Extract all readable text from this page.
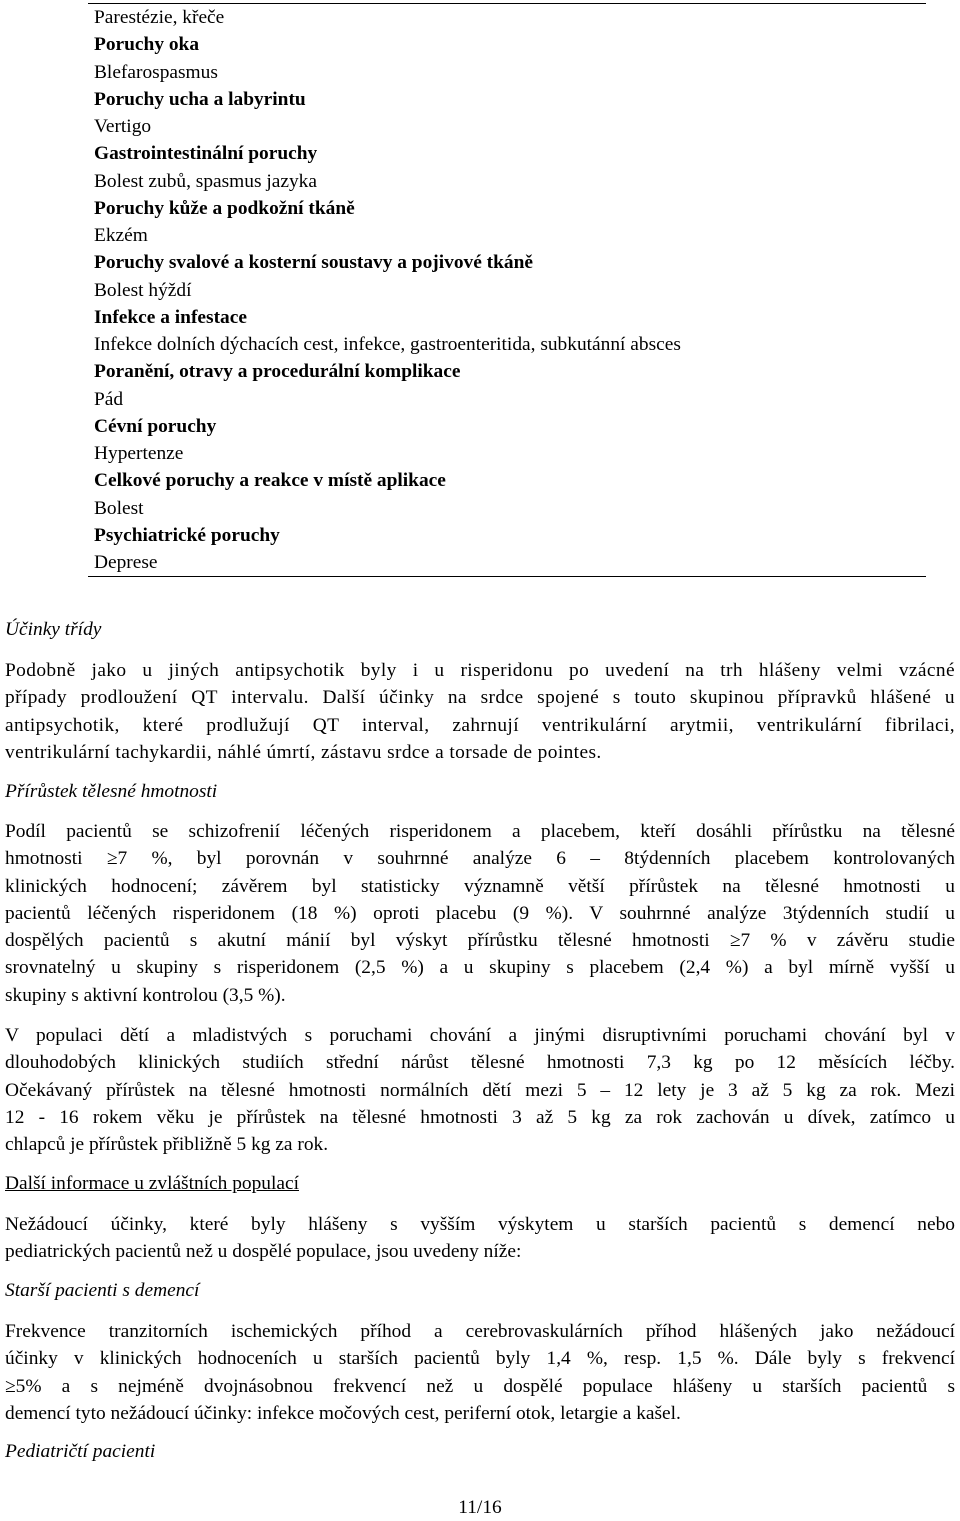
Parestézie, křeče
Poruchy oka
Blefarospasmus
Poruchy ucha a labyrintu
Vertigo
Gastrointestinální poruchy
Bolest zubů, spasmus jazyka
Poruchy kůže a podkožní tkáně
Ekzém
Poruchy svalové a kosterní soustavy a pojivové tkáně
Bolest hýždí
Infekce a infestace
Infekce dolních dýchacích cest, infekce, gastroenteritida, subkutánní absces
Poranění, otravy a procedurální komplikace
Pád
Cévní poruchy
Hypertenze
Celkové poruchy a reakce v místě aplikace
Bolest
Psychiatrické poruchy
Deprese
Účinky třídy
Podobně jako u jiných antipsychotik byly i u risperidonu po uvedení na trh hlášeny velmi vzácné
případy prodloužení QT intervalu. Další účinky na srdce spojené s touto skupinou přípravků hlášené u
antipsychotik, které prodlužují QT interval, zahrnují ventrikulární arytmii, ventrikulární fibrilaci,
ventrikulární tachykardii, náhlé úmrtí, zástavu srdce a torsade de pointes.
Přírůstek tělesné hmotnosti
Podíl pacientů se schizofrenií léčených risperidonem a placebem, kteří dosáhli přírůstku na tělesné
hmotnosti ≥7 %, byl porovnán v souhrnné analýze 6 – 8týdenních placebem kontrolovaných
klinických hodnocení; závěrem byl statisticky významně větší přírůstek na tělesné hmotnosti u
pacientů léčených risperidonem (18 %) oproti placebu (9 %). V souhrnné analýze 3týdenních studií u
dospělých pacientů s akutní mánií byl výskyt přírůstku tělesné hmotnosti ≥7 % v závěru studie
srovnatelný u skupiny s risperidonem (2,5 %) a u skupiny s placebem (2,4 %) a byl mírně vyšší u
skupiny s aktivní kontrolou (3,5 %).
V populaci dětí a mladistvých s poruchami chování a jinými disruptivními poruchami chování byl v
dlouhodobých klinických studiích střední nárůst tělesné hmotnosti 7,3 kg po 12 měsících léčby.
Očekávaný přírůstek na tělesné hmotnosti normálních dětí mezi 5 – 12 lety je 3 až 5 kg za rok. Mezi
12 - 16 rokem věku je přírůstek na tělesné hmotnosti 3 až 5 kg za rok zachován u dívek, zatímco u
chlapců je přírůstek přibližně 5 kg za rok.
Další informace u zvláštních populací
Nežádoucí účinky, které byly hlášeny s vyšším výskytem u starších pacientů s demencí nebo
pediatrických pacientů než u dospělé populace, jsou uvedeny níže:
Starší pacienti s demencí
Frekvence tranzitorních ischemických příhod a cerebrovaskulárních příhod hlášených jako nežádoucí
účinky v klinických hodnoceních u starších pacientů byly 1,4 %, resp. 1,5 %. Dále byly s frekvencí
≥5% a s nejméně dvojnásobnou frekvencí než u dospělé populace hlášeny u starších pacientů s
demencí tyto nežádoucí účinky: infekce močových cest, periferní otok, letargie a kašel.
Pediatričtí pacienti
11/16
